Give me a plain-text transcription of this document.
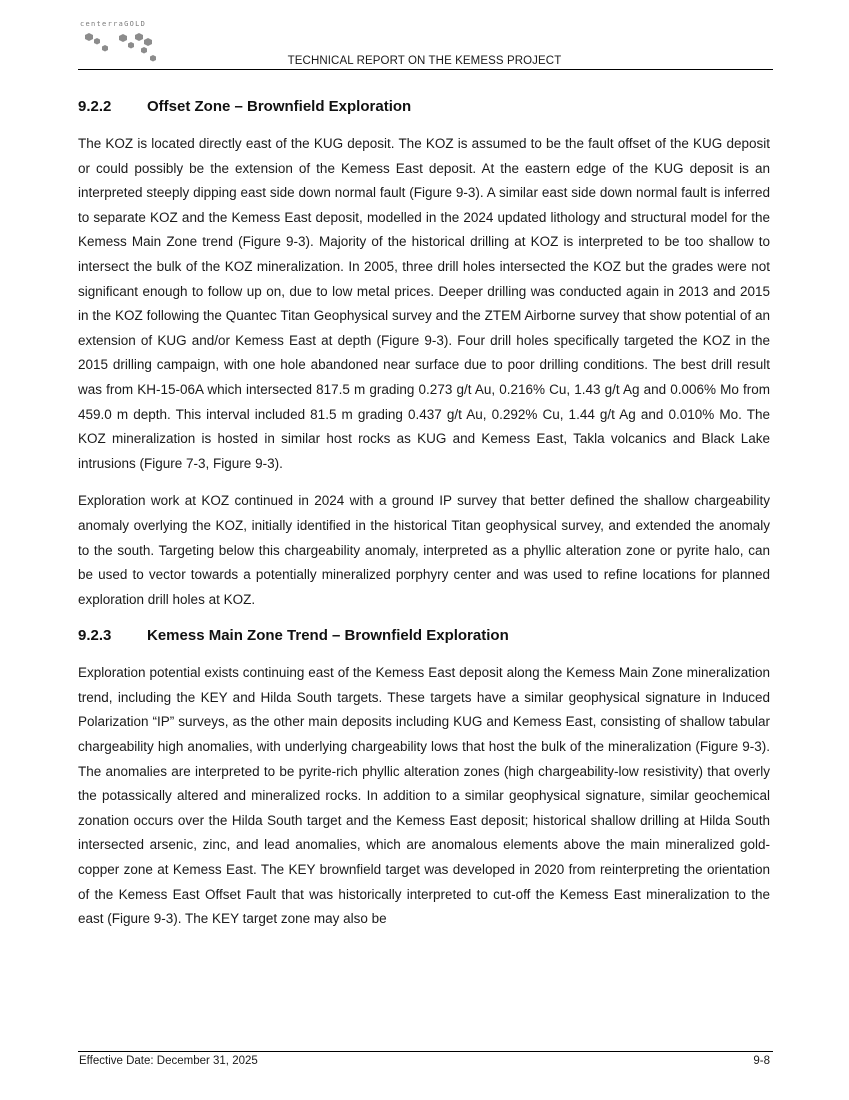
centerraGOLD
TECHNICAL REPORT ON THE KEMESS PROJECT
9.2.2 Offset Zone – Brownfield Exploration

The KOZ is located directly east of the KUG deposit. The KOZ is assumed to be the fault offset of the KUG deposit or could possibly be the extension of the Kemess East deposit. At the eastern edge of the KUG deposit is an interpreted steeply dipping east side down normal fault (Figure 9-3). A similar east side down normal fault is inferred to separate KOZ and the Kemess East deposit, modelled in the 2024 updated lithology and structural model for the Kemess Main Zone trend (Figure 9-3). Majority of the historical drilling at KOZ is interpreted to be too shallow to intersect the bulk of the KOZ mineralization. In 2005, three drill holes intersected the KOZ but the grades were not significant enough to follow up on, due to low metal prices. Deeper drilling was conducted again in 2013 and 2015 in the KOZ following the Quantec Titan Geophysical survey and the ZTEM Airborne survey that show potential of an extension of KUG and/or Kemess East at depth (Figure 9-3). Four drill holes specifically targeted the KOZ in the 2015 drilling campaign, with one hole abandoned near surface due to poor drilling conditions. The best drill result was from KH-15-06A which intersected 817.5 m grading 0.273 g/t Au, 0.216% Cu, 1.43 g/t Ag and 0.006% Mo from 459.0 m depth. This interval included 81.5 m grading 0.437 g/t Au, 0.292% Cu, 1.44 g/t Ag and 0.010% Mo. The KOZ mineralization is hosted in similar host rocks as KUG and Kemess East, Takla volcanics and Black Lake intrusions (Figure 7-3, Figure 9-3).

Exploration work at KOZ continued in 2024 with a ground IP survey that better defined the shallow chargeability anomaly overlying the KOZ, initially identified in the historical Titan geophysical survey, and extended the anomaly to the south. Targeting below this chargeability anomaly, interpreted as a phyllic alteration zone or pyrite halo, can be used to vector towards a potentially mineralized porphyry center and was used to refine locations for planned exploration drill holes at KOZ.

9.2.3 Kemess Main Zone Trend – Brownfield Exploration

Exploration potential exists continuing east of the Kemess East deposit along the Kemess Main Zone mineralization trend, including the KEY and Hilda South targets. These targets have a similar geophysical signature in Induced Polarization “IP” surveys, as the other main deposits including KUG and Kemess East, consisting of shallow tabular chargeability high anomalies, with underlying chargeability lows that host the bulk of the mineralization (Figure 9-3). The anomalies are interpreted to be pyrite-rich phyllic alteration zones (high chargeability-low resistivity) that overly the potassically altered and mineralized rocks. In addition to a similar geophysical signature, similar geochemical zonation occurs over the Hilda South target and the Kemess East deposit; historical shallow drilling at Hilda South intersected arsenic, zinc, and lead anomalies, which are anomalous elements above the main mineralized gold-copper zone at Kemess East. The KEY brownfield target was developed in 2020 from reinterpreting the orientation of the Kemess East Offset Fault that was historically interpreted to cut-off the Kemess East mineralization to the east (Figure 9-3). The KEY target zone may also be

Effective Date: December 31, 2025	9-8
